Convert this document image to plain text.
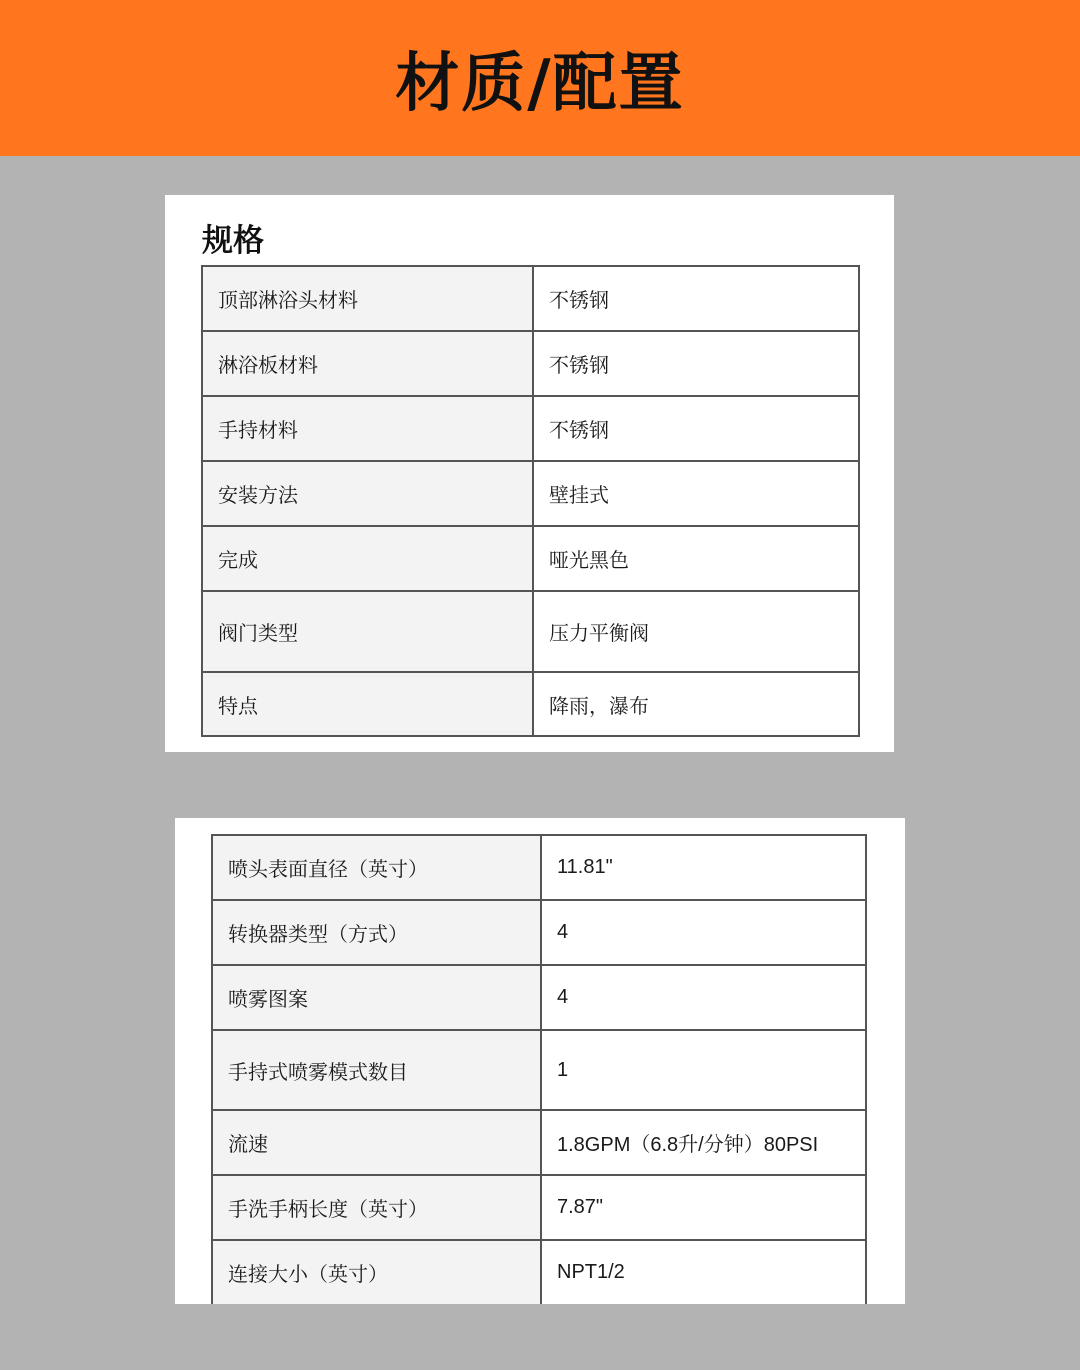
材质/配置
规格
顶部淋浴头材料	不锈钢
淋浴板材料	不锈钢
手持材料	不锈钢
安装方法	壁挂式
完成	哑光黑色
阀门类型	压力平衡阀
特点	降雨，瀑布
喷头表面直径（英寸）	11.81"
转换器类型（方式）	4
喷雾图案	4
手持式喷雾模式数目	1
流速	1.8GPM（6.8升/分钟）80PSI
手洗手柄长度（英寸）	7.87"
连接大小（英寸）	NPT1/2
